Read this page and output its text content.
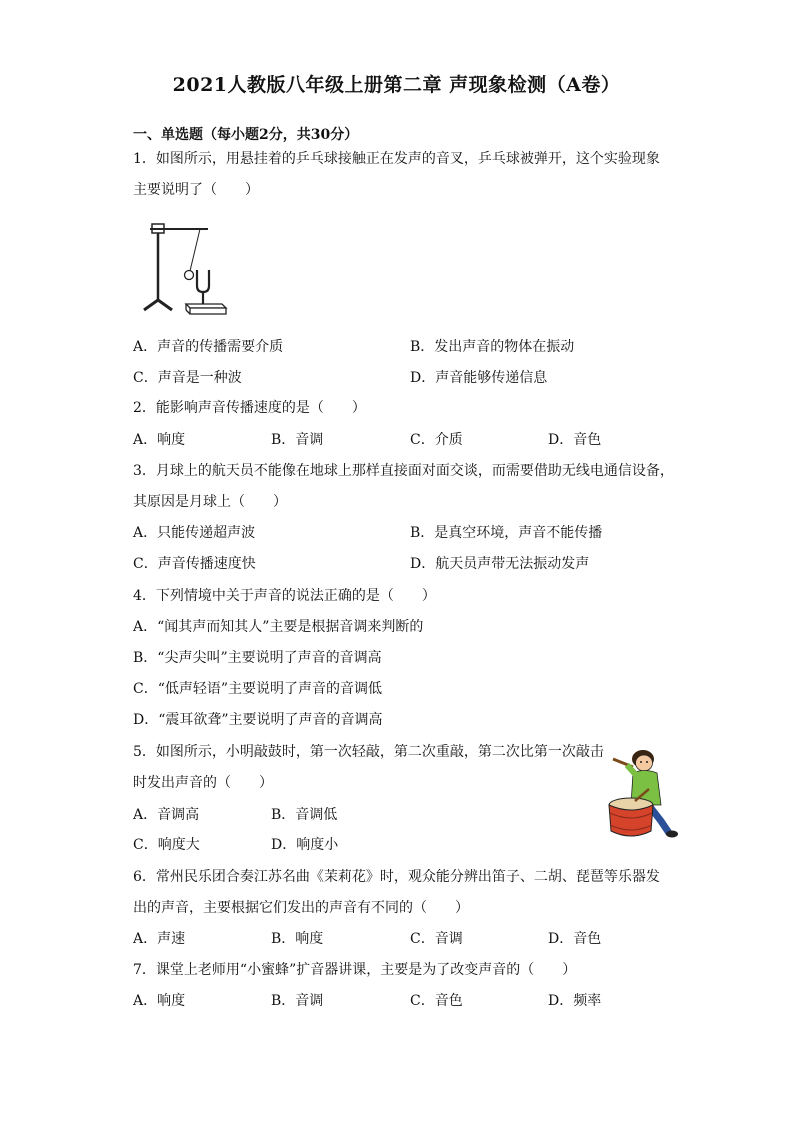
2021人教版八年级上册第二章 声现象检测（A卷）
一、单选题（每小题2分，共30分）
1．如图所示，用悬挂着的乒乓球接触正在发声的音叉，乒乓球被弹开，这个实验现象
主要说明了（　　）
A．声音的传播需要介质	B．发出声音的物体在振动
C．声音是一种波	D．声音能够传递信息
2．能影响声音传播速度的是（　　）
A．响度	B．音调	C．介质	D．音色
3．月球上的航天员不能像在地球上那样直接面对面交谈，而需要借助无线电通信设备，
其原因是月球上（　　）
A．只能传递超声波	B．是真空环境，声音不能传播
C．声音传播速度快	D．航天员声带无法振动发声
4．下列情境中关于声音的说法正确的是（　　）
A．“闻其声而知其人”主要是根据音调来判断的
B．“尖声尖叫”主要说明了声音的音调高
C．“低声轻语”主要说明了声音的音调低
D．“震耳欲聋”主要说明了声音的音调高
5．如图所示，小明敲鼓时，第一次轻敲，第二次重敲，第二次比第一次敲击
时发出声音的（　　）
A．音调高	B．音调低
C．响度大	D．响度小
6．常州民乐团合奏江苏名曲《茉莉花》时，观众能分辨出笛子、二胡、琵琶等乐器发
出的声音，主要根据它们发出的声音有不同的（　　）
A．声速	B．响度	C．音调	D．音色
7．课堂上老师用“小蜜蜂”扩音器讲课，主要是为了改变声音的（　　）
A．响度	B．音调	C．音色	D．频率
